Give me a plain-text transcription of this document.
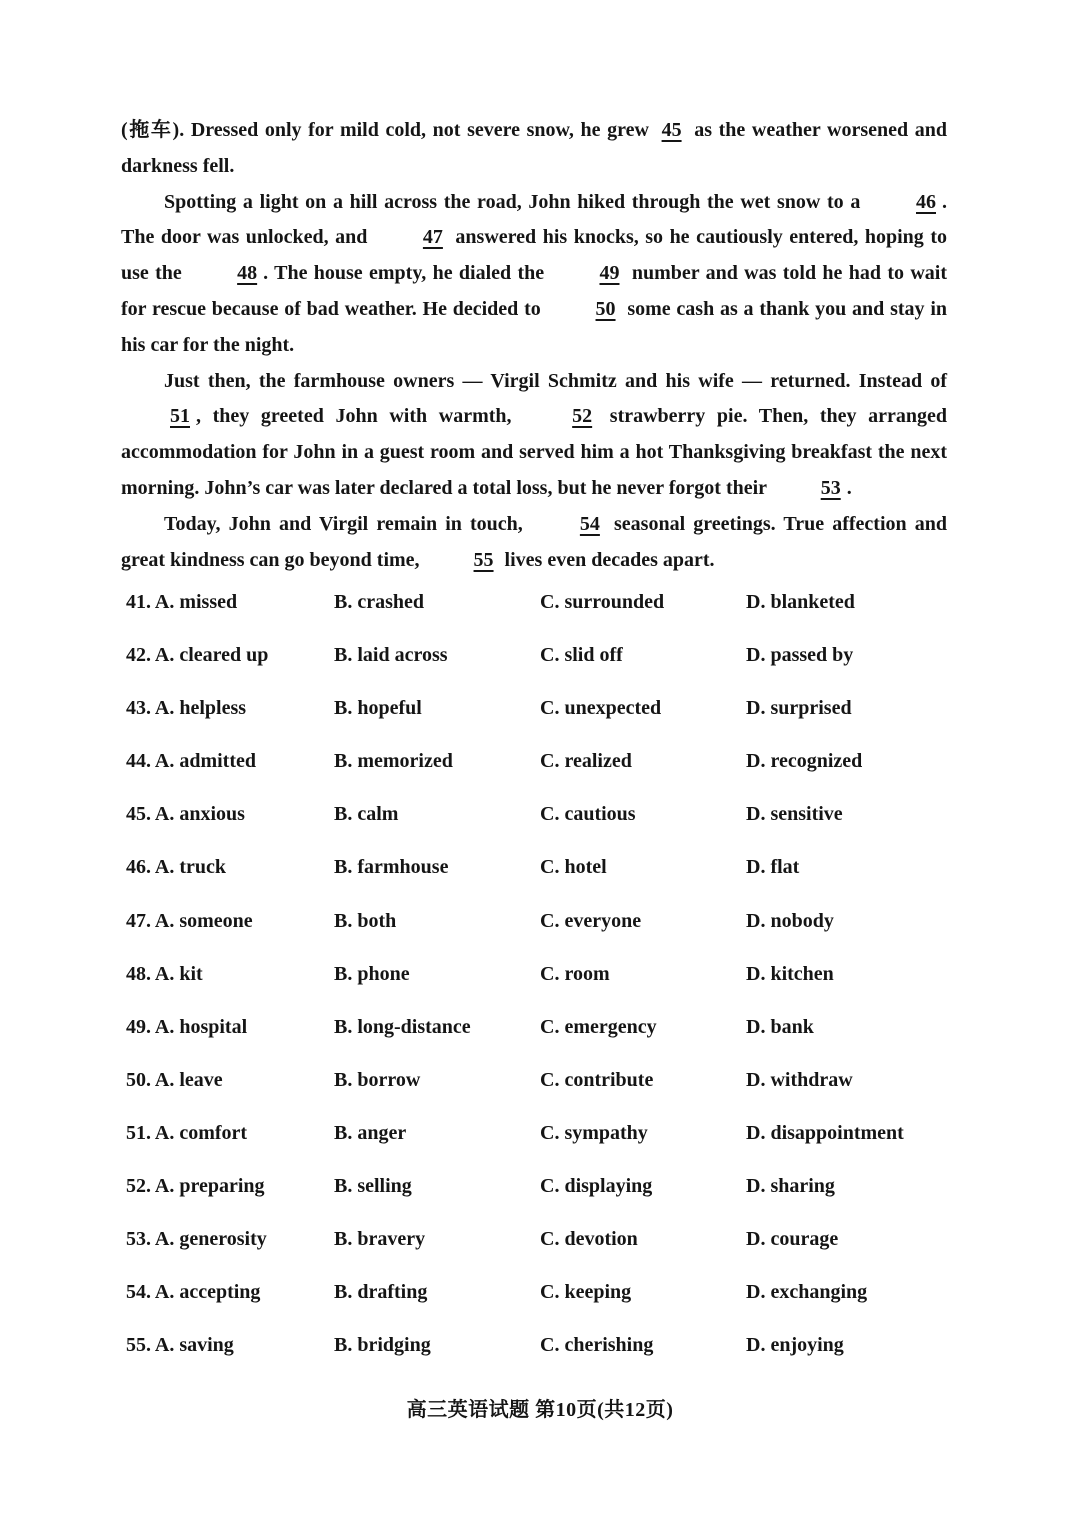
(拖车). Dressed only for mild cold, not severe snow, he grew 45 as the weather worsened and darkness fell.

Spotting a light on a hill across the road, John hiked through the wet snow to a 46 . The door was unlocked, and 47 answered his knocks, so he cautiously entered, hoping to use the 48 . The house empty, he dialed the 49 number and was told he had to wait for rescue because of bad weather. He decided to 50 some cash as a thank you and stay in his car for the night.

Just then, the farmhouse owners — Virgil Schmitz and his wife — returned. Instead of 51 , they greeted John with warmth, 52 strawberry pie. Then, they arranged accommodation for John in a guest room and served him a hot Thanksgiving breakfast the next morning. John’s car was later declared a total loss, but he never forgot their 53 .

Today, John and Virgil remain in touch, 54 seasonal greetings. True affection and great kindness can go beyond time, 55 lives even decades apart.

41. A. missed	B. crashed	C. surrounded	D. blanketed
42. A. cleared up	B. laid across	C. slid off	D. passed by
43. A. helpless	B. hopeful	C. unexpected	D. surprised
44. A. admitted	B. memorized	C. realized	D. recognized
45. A. anxious	B. calm	C. cautious	D. sensitive
46. A. truck	B. farmhouse	C. hotel	D. flat
47. A. someone	B. both	C. everyone	D. nobody
48. A. kit	B. phone	C. room	D. kitchen
49. A. hospital	B. long-distance	C. emergency	D. bank
50. A. leave	B. borrow	C. contribute	D. withdraw
51. A. comfort	B. anger	C. sympathy	D. disappointment
52. A. preparing	B. selling	C. displaying	D. sharing
53. A. generosity	B. bravery	C. devotion	D. courage
54. A. accepting	B. drafting	C. keeping	D. exchanging
55. A. saving	B. bridging	C. cherishing	D. enjoying
高三英语试题 第10页(共12页)
